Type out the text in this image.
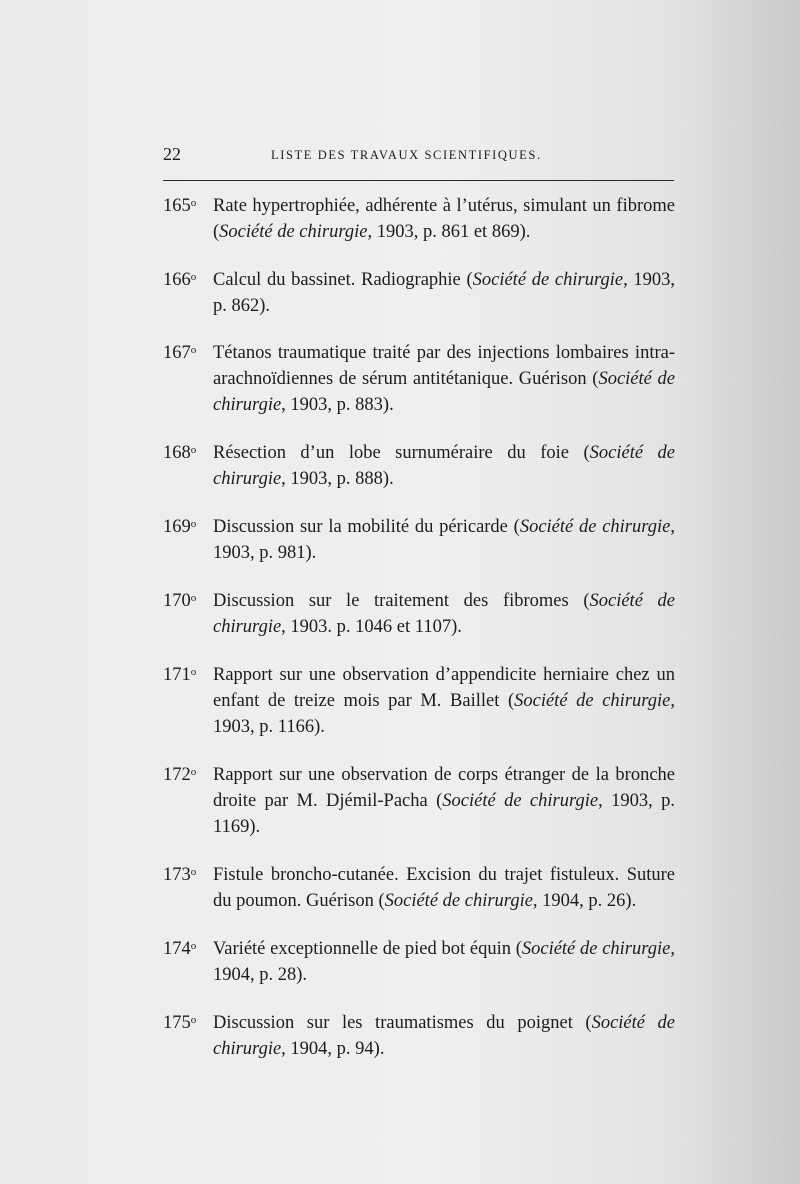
22	LISTE DES TRAVAUX SCIENTIFIQUES.
165$^o$ Rate hypertrophiée, adhérente à l’utérus, simulant un fibrome (Société de chirurgie, 1903, p. 861 et 869).
166$^o$ Calcul du bassinet. Radiographie (Société de chirurgie, 1903, p. 862).
167$^o$ Tétanos traumatique traité par des injections lombaires intra-arachnoïdiennes de sérum antitétanique. Guérison (Société de chirurgie, 1903, p. 883).
168$^o$ Résection d’un lobe surnuméraire du foie (Société de chirurgie, 1903, p. 888).
169$^o$ Discussion sur la mobilité du péricarde (Société de chirurgie, 1903, p. 981).
170$^o$ Discussion sur le traitement des fibromes (Société de chirurgie, 1903. p. 1046 et 1107).
171$^o$ Rapport sur une observation d’appendicite herniaire chez un enfant de treize mois par M. Baillet (Société de chirurgie, 1903, p. 1166).
172$^o$ Rapport sur une observation de corps étranger de la bronche droite par M. Djémil-Pacha (Société de chirurgie, 1903, p. 1169).
173$^o$ Fistule broncho-cutanée. Excision du trajet fistuleux. Suture du poumon. Guérison (Société de chirurgie, 1904, p. 26).
174$^o$ Variété exceptionnelle de pied bot équin (Société de chirurgie, 1904, p. 28).
175$^o$ Discussion sur les traumatismes du poignet (Société de chirurgie, 1904, p. 94).
